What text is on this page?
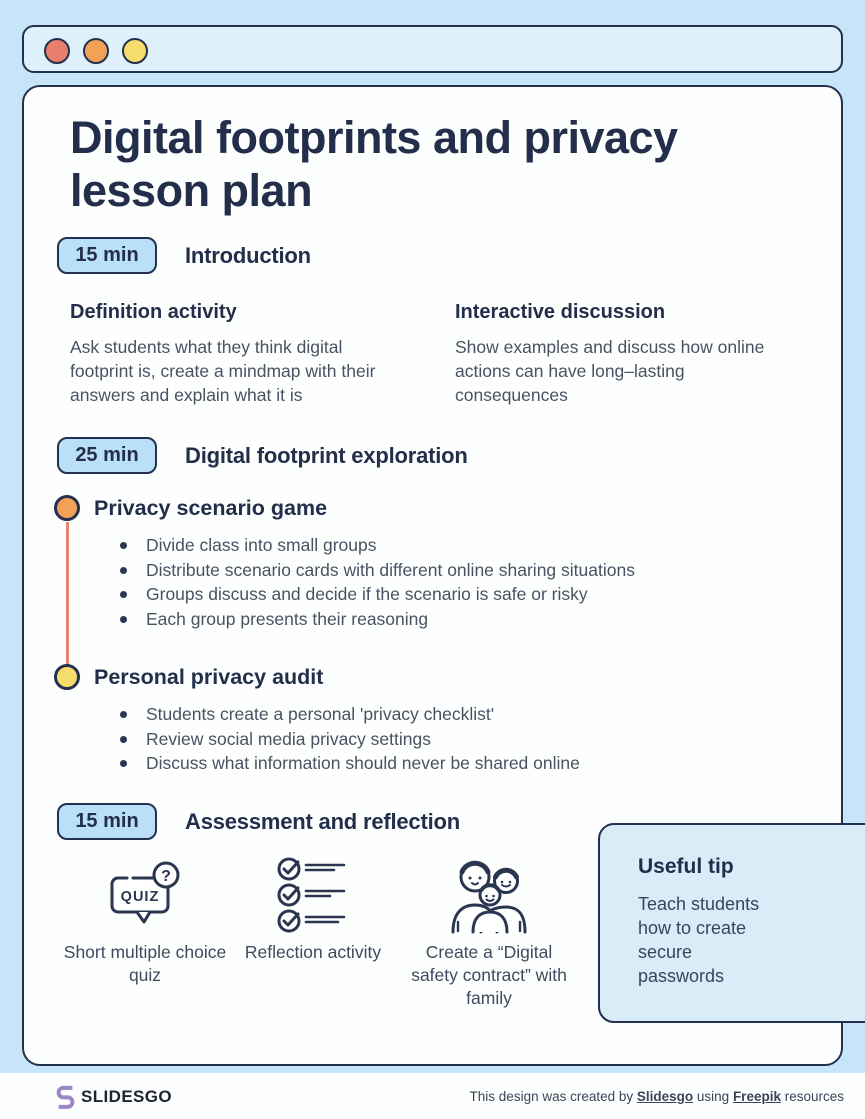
Digital footprints and privacy lesson plan
15 min	Introduction
Definition activity

Ask students what they think digital footprint is, create a mindmap with their answers and explain what it is

Interactive discussion

Show examples and discuss how online actions can have long–lasting consequences

25 min	Digital footprint exploration
Privacy scenario game
Divide class into small groups
Distribute scenario cards with different online sharing situations
Groups discuss and decide if the scenario is safe or risky
Each group presents their reasoning
Personal privacy audit
Students create a personal 'privacy checklist'
Review social media privacy settings
Discuss what information should never be shared online
15 min	Assessment and reflection
?
QUIZ
Short multiple choice quiz
Reflection activity	Create a “Digital safety contract” with family
Useful tip

Teach students how to create secure passwords

SLIDESGO	This design was created by Slidesgo using Freepik resources
